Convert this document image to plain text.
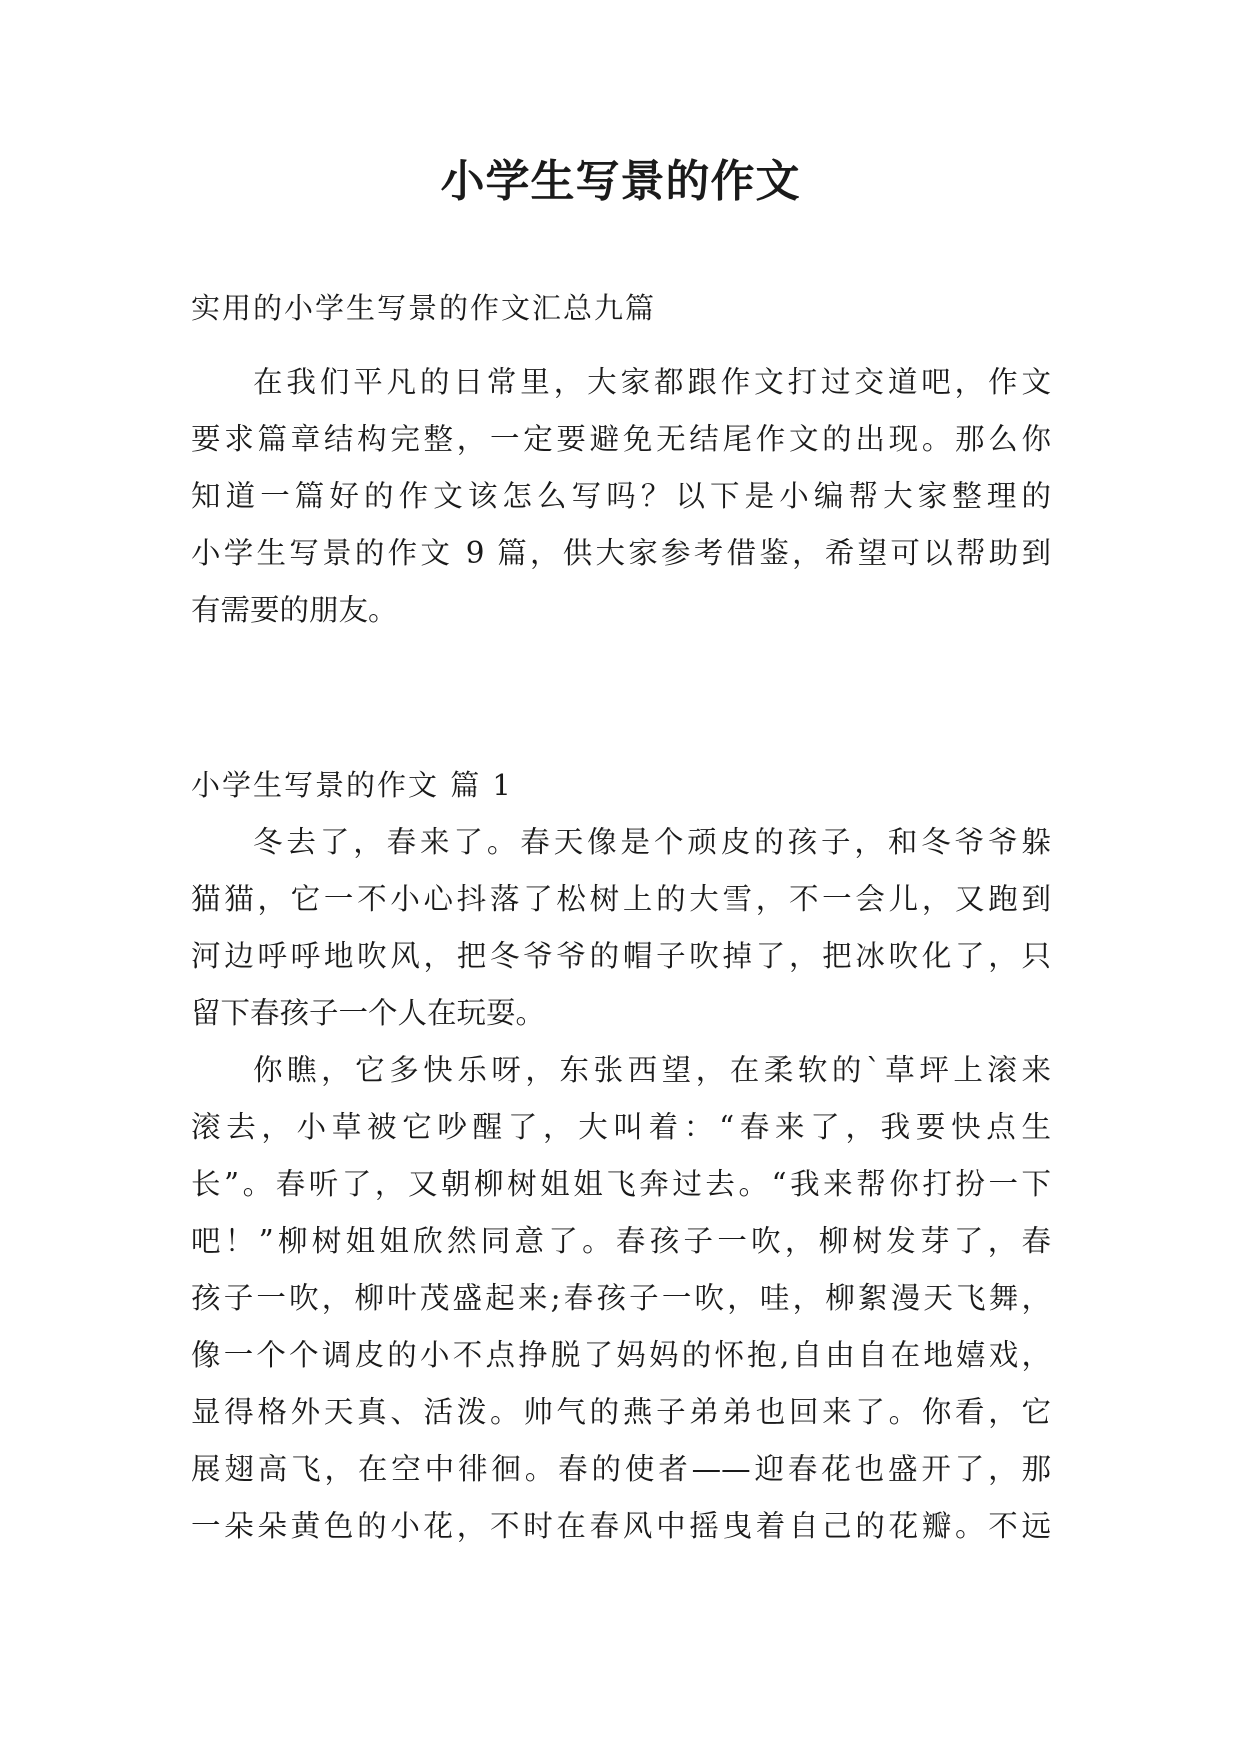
小学生写景的作文

实用的小学生写景的作文汇总九篇

在我们平凡的日常里，大家都跟作文打过交道吧，作文

要求篇章结构完整，一定要避免无结尾作文的出现。那么你

知道一篇好的作文该怎么写吗？以下是小编帮大家整理的

小学生写景的作文 9 篇，供大家参考借鉴，希望可以帮助到

有需要的朋友。

小学生写景的作文 篇 1

冬去了，春来了。春天像是个顽皮的孩子，和冬爷爷躲

猫猫，它一不小心抖落了松树上的大雪，不一会儿，又跑到

河边呼呼地吹风，把冬爷爷的帽子吹掉了，把冰吹化了，只

留下春孩子一个人在玩耍。

你瞧，它多快乐呀，东张西望，在柔软的`草坪上滚来

滚去，小草被它吵醒了，大叫着：“春来了，我要快点生

长”。春听了，又朝柳树姐姐飞奔过去。“我来帮你打扮一下

吧！”柳树姐姐欣然同意了。春孩子一吹，柳树发芽了，春

孩子一吹，柳叶茂盛起来;春孩子一吹，哇，柳絮漫天飞舞，

像一个个调皮的小不点挣脱了妈妈的怀抱,自由自在地嬉戏，

显得格外天真、活泼。帅气的燕子弟弟也回来了。你看，它

展翅高飞，在空中徘徊。春的使者——迎春花也盛开了，那

一朵朵黄色的小花，不时在春风中摇曳着自己的花瓣。不远
